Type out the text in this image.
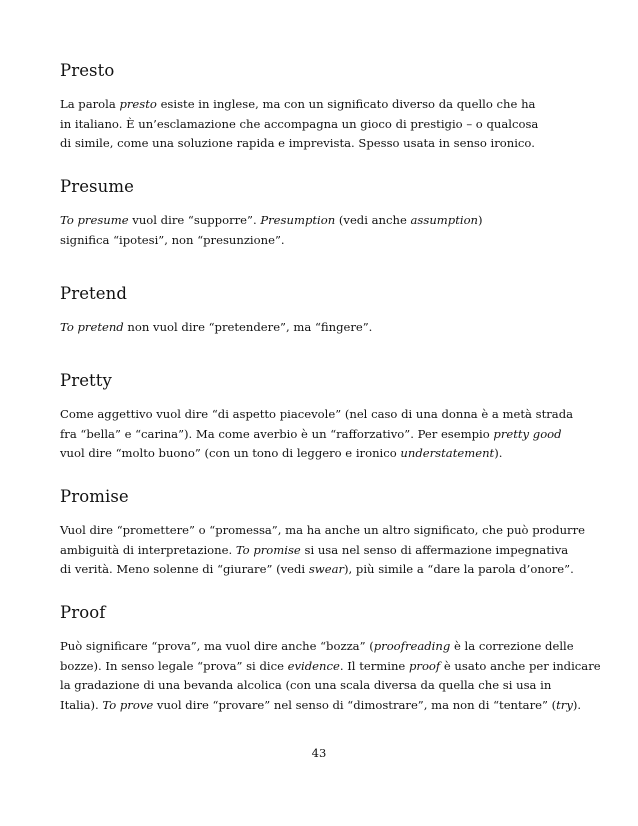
Presto
La parola presto esiste in inglese, ma con un significato diverso da quello che ha
in italiano. È un’esclamazione che accompagna un gioco di prestigio – o qualcosa
di simile, come una soluzione rapida e imprevista. Spesso usata in senso ironico.
Presume
To presume vuol dire “supporre”. Presumption (vedi anche assumption)
significa “ipotesi”, non “presunzione”.
Pretend
To pretend non vuol dire “pretendere”, ma “fingere”.
Pretty
Come aggettivo vuol dire “di aspetto piacevole” (nel caso di una donna è a metà strada
fra “bella” e “carina”). Ma come averbio è un “rafforzativo”. Per esempio pretty good
vuol dire “molto buono” (con un tono di leggero e ironico understatement).
Promise
Vuol dire “promettere” o “promessa”, ma ha anche un altro significato, che può produrre
ambiguità di interpretazione. To promise si usa nel senso di affermazione impegnativa
di verità. Meno solenne di “giurare” (vedi swear), più simile a “dare la parola d’onore”.
Proof
Può significare “prova”, ma vuol dire anche “bozza” (proofreading è la correzione delle
bozze). In senso legale “prova” si dice evidence. Il termine proof è usato anche per indicare
la gradazione di una bevanda alcolica (con una scala diversa da quella che si usa in
Italia). To prove vuol dire “provare” nel senso di “dimostrare”, ma non di “tentare” (try).
43
